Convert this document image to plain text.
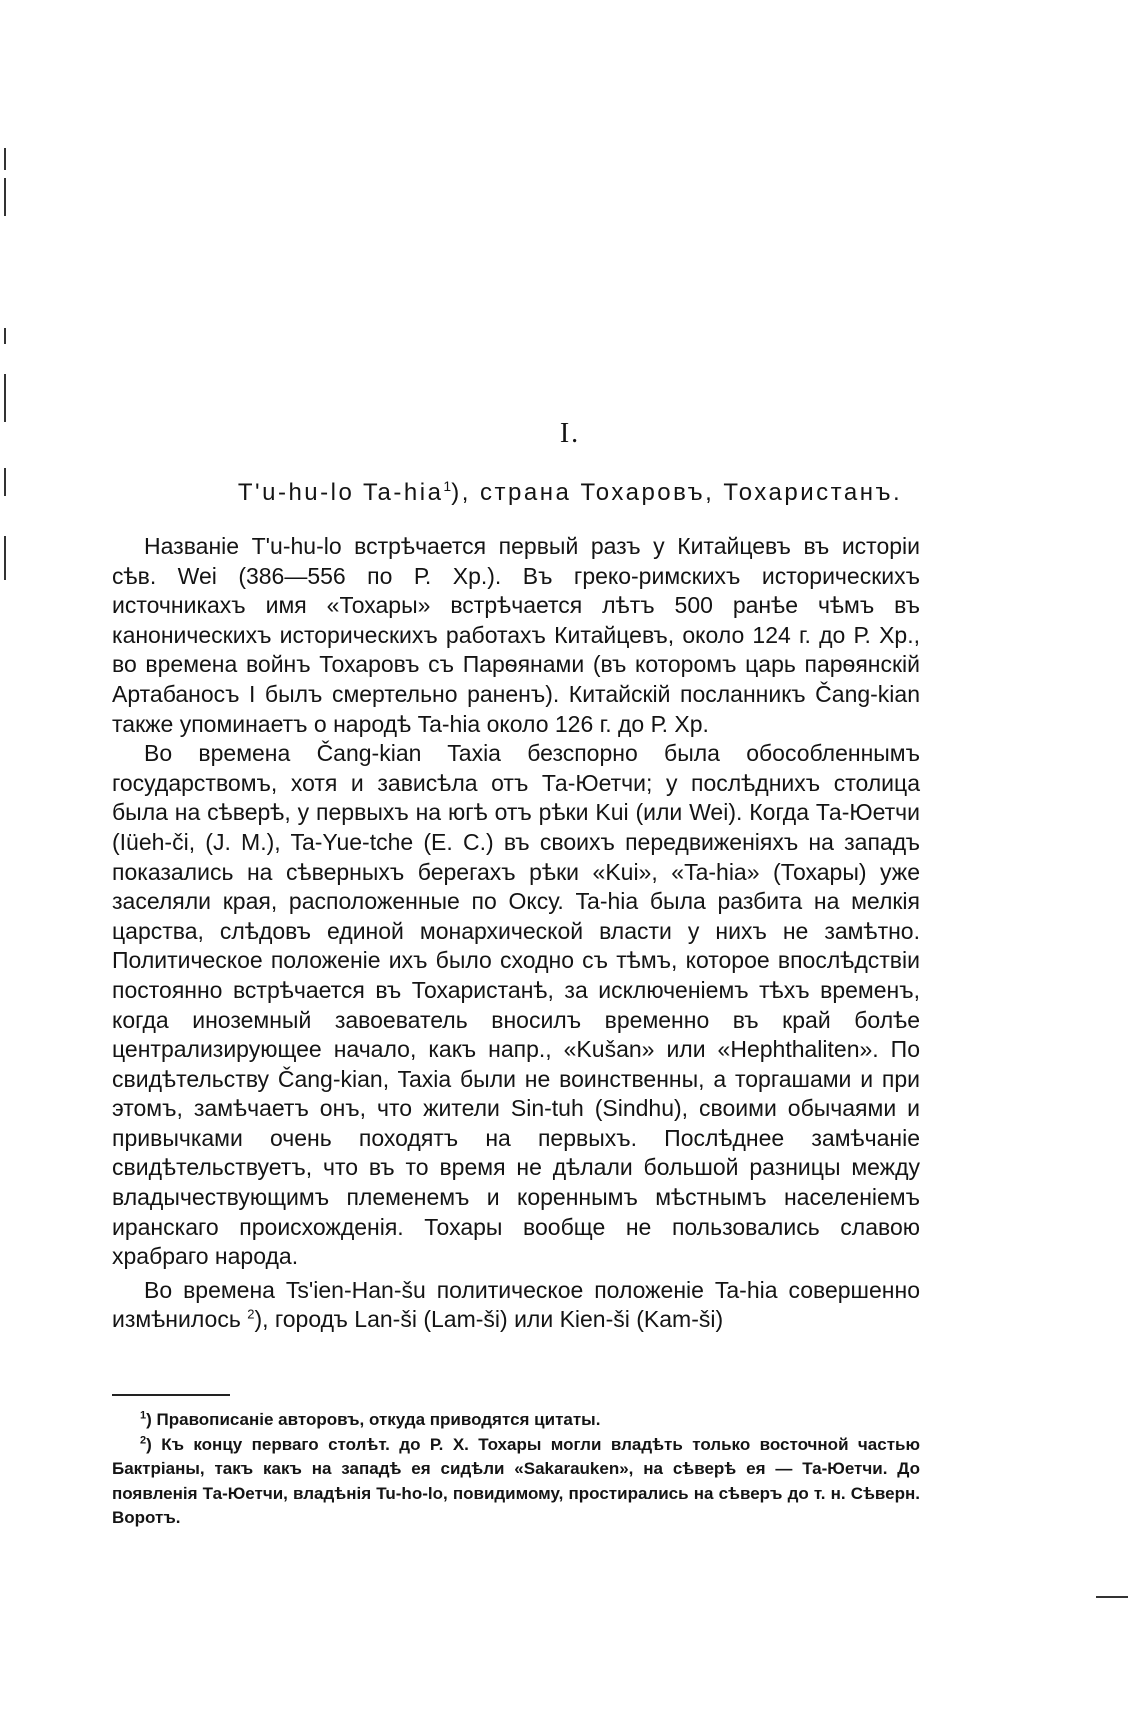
I.
T'u-hu-lo Ta-hia$^1$), страна Тохаровъ, Тохаристанъ.

Названіе T'u-hu-lo встрѣчается первый разъ у Китайцевъ въ исторіи сѣв. Wei (386—556 по Р. Хр.). Въ греко-римскихъ историческихъ источникахъ имя «Тохары» встрѣчается лѣтъ 500 ранѣе чѣмъ въ каноническихъ историческихъ работахъ Китайцевъ, около 124 г. до Р. Хр., во времена войнъ Тохаровъ съ Парѳянами (въ которомъ царь парѳянскій Артабаносъ I былъ смертельно раненъ). Китайскій посланникъ Čang-kian также упоминаетъ о народѣ Ta-hia около 126 г. до Р. Хр.

Во времена Čang-kian Taxia безспорно была обособленнымъ государствомъ, хотя и зависѣла отъ Та-Юетчи; у послѣднихъ столица была на сѣверѣ, у первыхъ на югѣ отъ рѣки Kui (или Wei). Когда Та-Юетчи (Iüeh-či, (J. M.), Ta-Yue-tche (E. C.) въ своихъ передвиженіяхъ на западъ показались на сѣверныхъ берегахъ рѣки «Kui», «Ta-hia» (Тохары) уже заселяли края, расположенные по Оксу. Ta-hia была разбита на мелкія царства, слѣдовъ единой монархической власти у нихъ не замѣтно. Политическое положеніе ихъ было сходно съ тѣмъ, которое впослѣдствіи постоянно встрѣчается въ Тохаристанѣ, за исключеніемъ тѣхъ временъ, когда иноземный завоеватель вносилъ временно въ край болѣе централизирующее начало, какъ напр., «Kušan» или «Hephthaliten». По свидѣтельству Čang-kian, Taxia были не воинственны, а торгашами и при этомъ, замѣчаетъ онъ, что жители Sin-tuh (Sindhu), своими обычаями и привычками очень походятъ на первыхъ. Послѣднее замѣчаніе свидѣтельствуетъ, что въ то время не дѣлали большой разницы между владычествующимъ племенемъ и кореннымъ мѣстнымъ населеніемъ иранскаго происхожденія. Тохары вообще не пользовались славою храбраго народа.

Во времена Ts'ien-Han-šu политическое положеніе Ta-hia совершенно измѣнилось $^2$), городъ Lan-ši (Lam-ši) или Kien-ši (Kam-ši)

$^1$) Правописаніе авторовъ, откуда приводятся цитаты.

$^2$) Къ концу перваго столѣт. до Р. Х. Тохары могли владѣть только восточной частью Бактріаны, такъ какъ на западѣ ея сидѣли «Sakarauken», на сѣверѣ ея — Та-Юетчи. До появленія Та-Юетчи, владѣнія Tu-ho-lo, повидимому, простирались на сѣверъ до т. н. Сѣверн. Воротъ.
